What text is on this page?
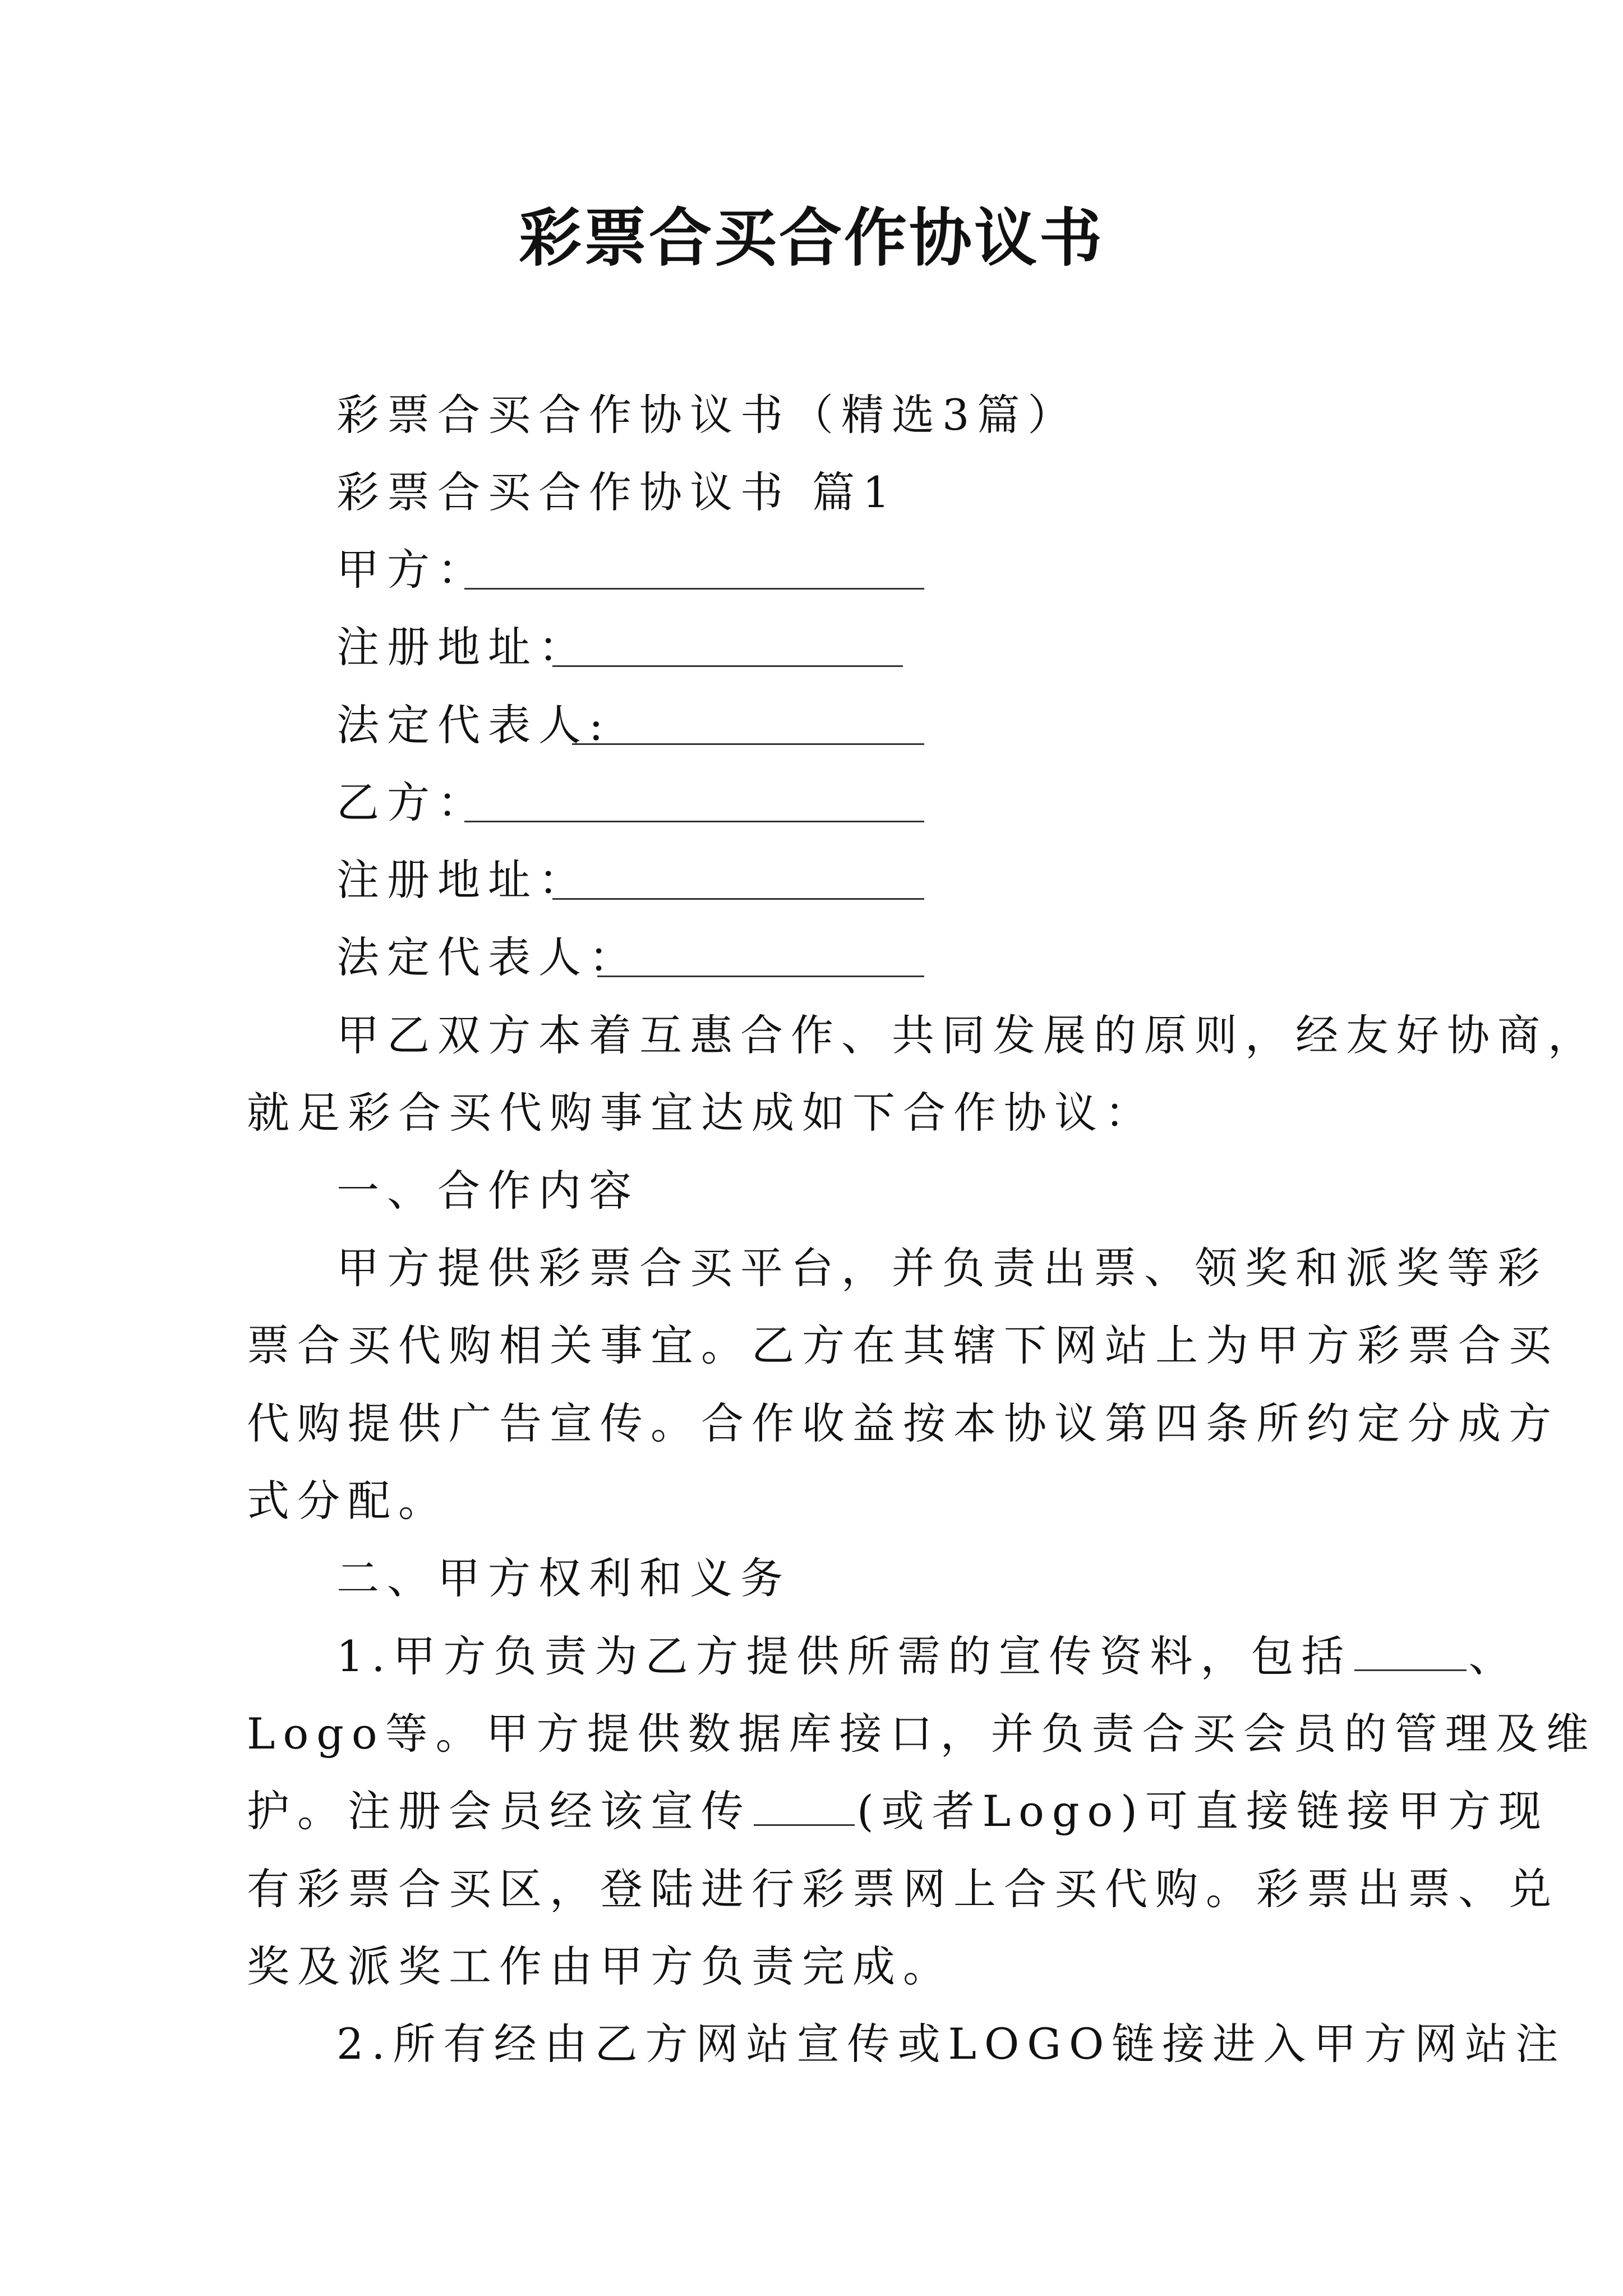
彩票合买合作协议书
彩票合买合作协议书（精选3篇）
彩票合买合作协议书 篇1
甲方：
注册地址：
法定代表人:
乙方：
注册地址：
法定代表人：
甲乙双方本着互惠合作、共同发展的原则，经友好协商，
就足彩合买代购事宜达成如下合作协议：
一、合作内容
甲方提供彩票合买平台，并负责出票、领奖和派奖等彩
票合买代购相关事宜。乙方在其辖下网站上为甲方彩票合买
代购提供广告宣传。合作收益按本协议第四条所约定分成方
式分配。
二、甲方权利和义务
1.甲方负责为乙方提供所需的宣传资料，包括	、
Logo等。甲方提供数据库接口，并负责合买会员的管理及维
护。注册会员经该宣传 (或者Logo)可直接链接甲方现
有彩票合买区，登陆进行彩票网上合买代购。彩票出票、兑
奖及派奖工作由甲方负责完成。
2.所有经由乙方网站宣传或LOGO链接进入甲方网站注
